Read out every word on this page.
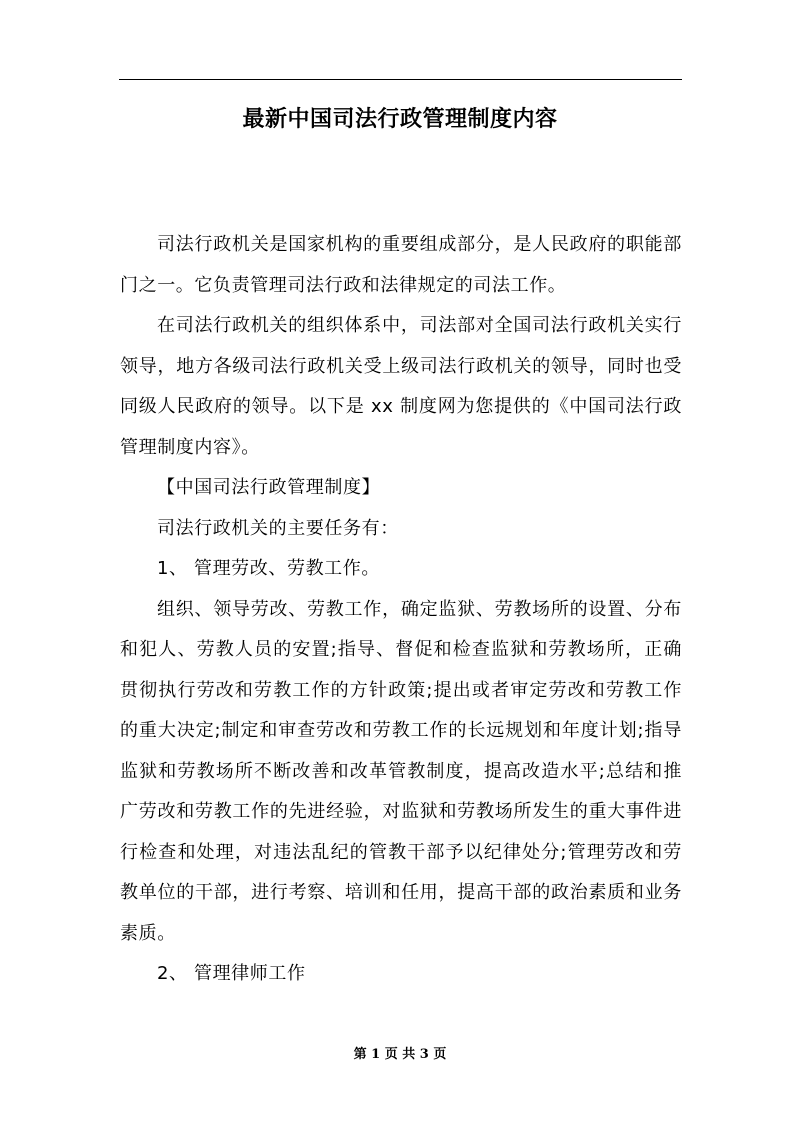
最新中国司法行政管理制度内容

司法行政机关是国家机构的重要组成部分，是人民政府的职能部门之一。它负责管理司法行政和法律规定的司法工作。

在司法行政机关的组织体系中，司法部对全国司法行政机关实行领导，地方各级司法行政机关受上级司法行政机关的领导，同时也受同级人民政府的领导。以下是 xx 制度网为您提供的《中国司法行政管理制度内容》。

【中国司法行政管理制度】

司法行政机关的主要任务有：

1、 管理劳改、劳教工作。

组织、领导劳改、劳教工作，确定监狱、劳教场所的设置、分布和犯人、劳教人员的安置;指导、督促和检查监狱和劳教场所，正确贯彻执行劳改和劳教工作的方针政策;提出或者审定劳改和劳教工作的重大决定;制定和审查劳改和劳教工作的长远规划和年度计划;指导监狱和劳教场所不断改善和改革管教制度，提高改造水平;总结和推广劳改和劳教工作的先进经验，对监狱和劳教场所发生的重大事件进行检查和处理，对违法乱纪的管教干部予以纪律处分;管理劳改和劳教单位的干部，进行考察、培训和任用，提高干部的政治素质和业务素质。

2、 管理律师工作

第 1 页 共 3 页
